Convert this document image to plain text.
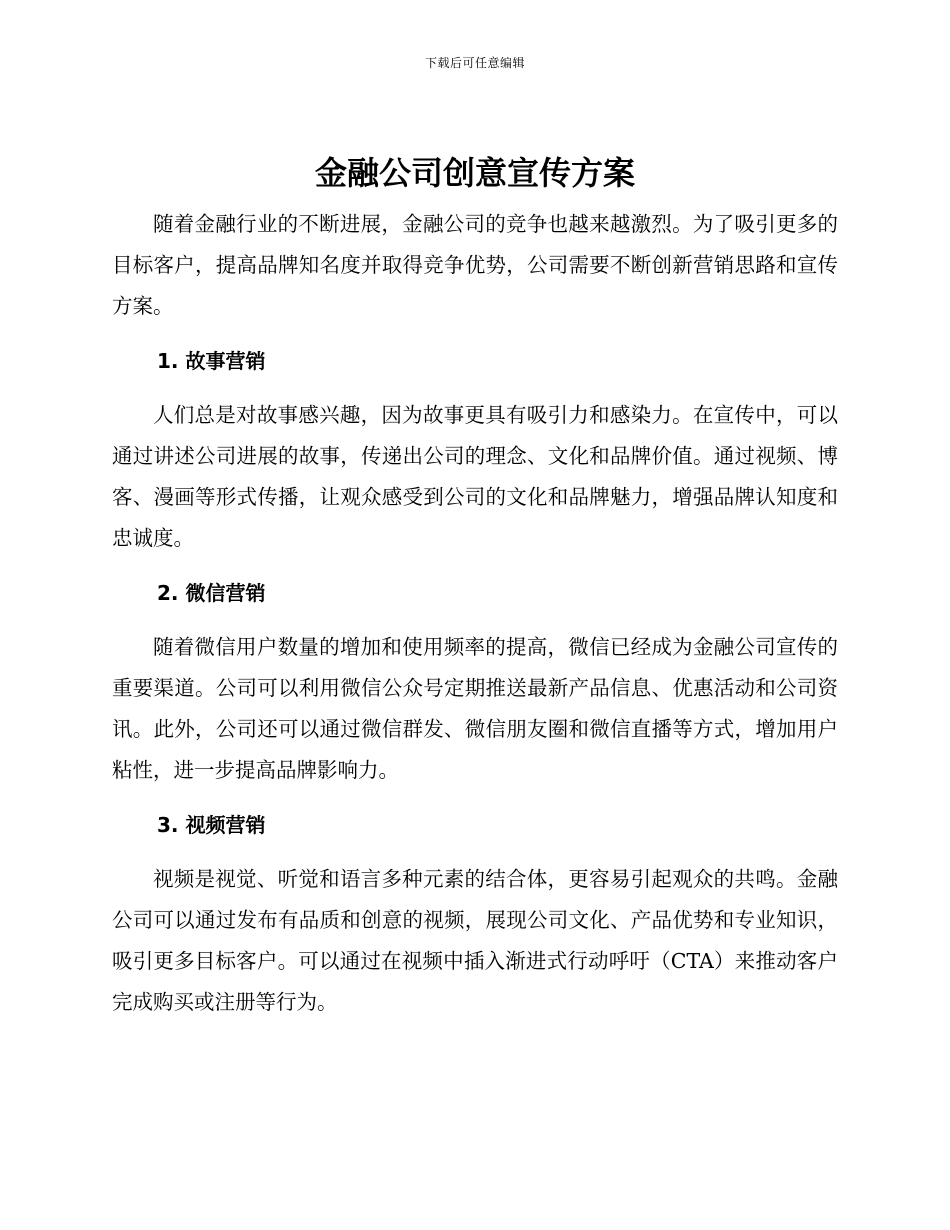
下载后可任意编辑
金融公司创意宣传方案

随着金融行业的不断进展，金融公司的竞争也越来越激烈。为了吸引更多的目标客户，提高品牌知名度并取得竞争优势，公司需要不断创新营销思路和宣传方案。

1. 故事营销

人们总是对故事感兴趣，因为故事更具有吸引力和感染力。在宣传中，可以通过讲述公司进展的故事，传递出公司的理念、文化和品牌价值。通过视频、博客、漫画等形式传播，让观众感受到公司的文化和品牌魅力，增强品牌认知度和忠诚度。

2. 微信营销

随着微信用户数量的增加和使用频率的提高，微信已经成为金融公司宣传的重要渠道。公司可以利用微信公众号定期推送最新产品信息、优惠活动和公司资讯。此外，公司还可以通过微信群发、微信朋友圈和微信直播等方式，增加用户粘性，进一步提高品牌影响力。

3. 视频营销

视频是视觉、听觉和语言多种元素的结合体，更容易引起观众的共鸣。金融公司可以通过发布有品质和创意的视频，展现公司文化、产品优势和专业知识，吸引更多目标客户。可以通过在视频中插入渐进式行动呼吁（CTA）来推动客户完成购买或注册等行为。
